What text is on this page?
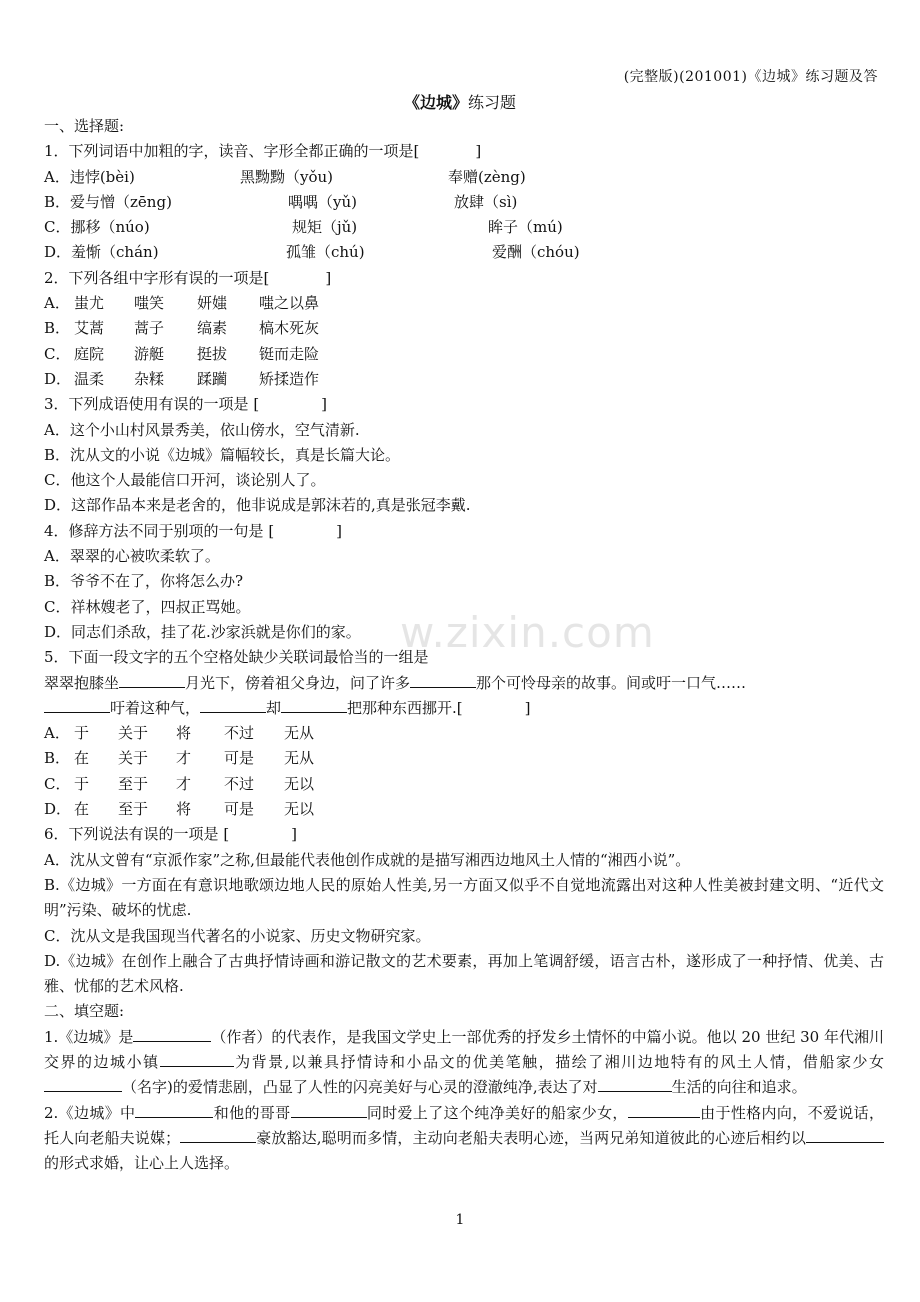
(完整版)(201001)《边城》练习题及答
《边城》练习题
w.zixin.com
一、选择题:
1．下列词语中加粗的字，读音、字形全都正确的一项是[	]
A．违悖(bèi)	黑黝黝（yǒu)	奉赠(zèng)
B．爱与憎（zēng)	喁喁（yǔ)	放肆（sì)
C．挪移（núo)	规矩（jǔ)	眸子（mú)
D．羞惭（chán)	孤雏（chú)	爱酬（chóu)
2．下列各组中字形有误的一项是[	]
A． 蚩尤	嗤笑	妍媸	嗤之以鼻
B． 艾蒿	蒿子	缟素	槁木死灰
C． 庭院	游艇	挺拔	铤而走险
D． 温柔	杂糅	蹂躏	矫揉造作
3．下列成语使用有误的一项是 [	]
A．这个小山村风景秀美，依山傍水，空气清新.
B．沈从文的小说《边城》篇幅较长，真是长篇大论。
C．他这个人最能信口开河，谈论别人了。
D．这部作品本来是老舍的，他非说成是郭沫若的,真是张冠李戴.
4．修辞方法不同于别项的一句是 [	]
A．翠翠的心被吹柔软了。
B．爷爷不在了，你将怎么办?
C．祥林嫂老了，四叔正骂她。
D．同志们杀敌，挂了花.沙家浜就是你们的家。
5．下面一段文字的五个空格处缺少关联词最恰当的一组是
翠翠抱膝坐	月光下，傍着祖父身边，问了许多	那个可怜母亲的故事。间或吁一口气……
吁着这种气，	却	把那种东西挪开.[	]
A． 于	关于	将	不过	无从
B． 在	关于	才	可是	无从
C． 于	至于	才	不过	无以
D． 在	至于	将	可是	无以
6．下列说法有误的一项是 [	]
A．沈从文曾有“京派作家”之称,但最能代表他创作成就的是描写湘西边地风土人情的“湘西小说”。
B.《边城》一方面在有意识地歌颂边地人民的原始人性美,另一方面又似乎不自觉地流露出对这种人性美被封建文明、“近代文明”污染、破坏的忧虑.
C．沈从文是我国现当代著名的小说家、历史文物研究家。
D.《边城》在创作上融合了古典抒情诗画和游记散文的艺术要素，再加上笔调舒缓，语言古朴，遂形成了一种抒情、优美、古雅、忧郁的艺术风格.
二、填空题:
1.《边城》是	（作者）的代表作，是我国文学史上一部优秀的抒发乡土情怀的中篇小说。他以 20 世纪 30 年代湘川交界的边城小镇	为背景,以兼具抒情诗和小品文的优美笔触，描绘了湘川边地特有的风土人情，借船家少女（名字)的爱情悲剧，凸显了人性的闪亮美好与心灵的澄澈纯净,表达了对	生活的向往和追求。
2.《边城》中	和他的哥哥	同时爱上了这个纯净美好的船家少女，	由于性格内向，不爱说话，托人向老船夫说媒；	豪放豁达,聪明而多情，主动向老船夫表明心迹，当两兄弟知道彼此的心迹后相约以的形式求婚，让心上人选择。
1
